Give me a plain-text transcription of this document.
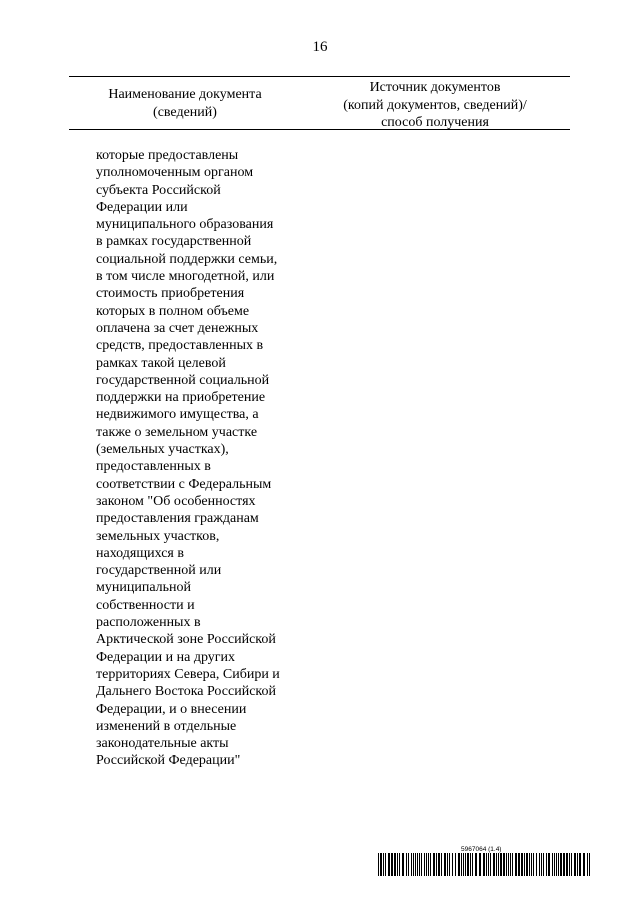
16
Наименование документа
(сведений)
Источник документов
(копий документов, сведений)/
способ получения
которые предоставлены
уполномоченным органом
субъекта Российской
Федерации или
муниципального образования
в рамках государственной
социальной поддержки семьи,
в том числе многодетной, или
стоимость приобретения
которых в полном объеме
оплачена за счет денежных
средств, предоставленных в
рамках такой целевой
государственной социальной
поддержки на приобретение
недвижимого имущества, а
также о земельном участке
(земельных участках),
предоставленных в
соответствии с Федеральным
законом "Об особенностях
предоставления гражданам
земельных участков,
находящихся в
государственной или
муниципальной
собственности и
расположенных в
Арктической зоне Российской
Федерации и на других
территориях Севера, Сибири и
Дальнего Востока Российской
Федерации, и о внесении
изменений в отдельные
законодательные акты
Российской Федерации"
5967064 (1.4)
